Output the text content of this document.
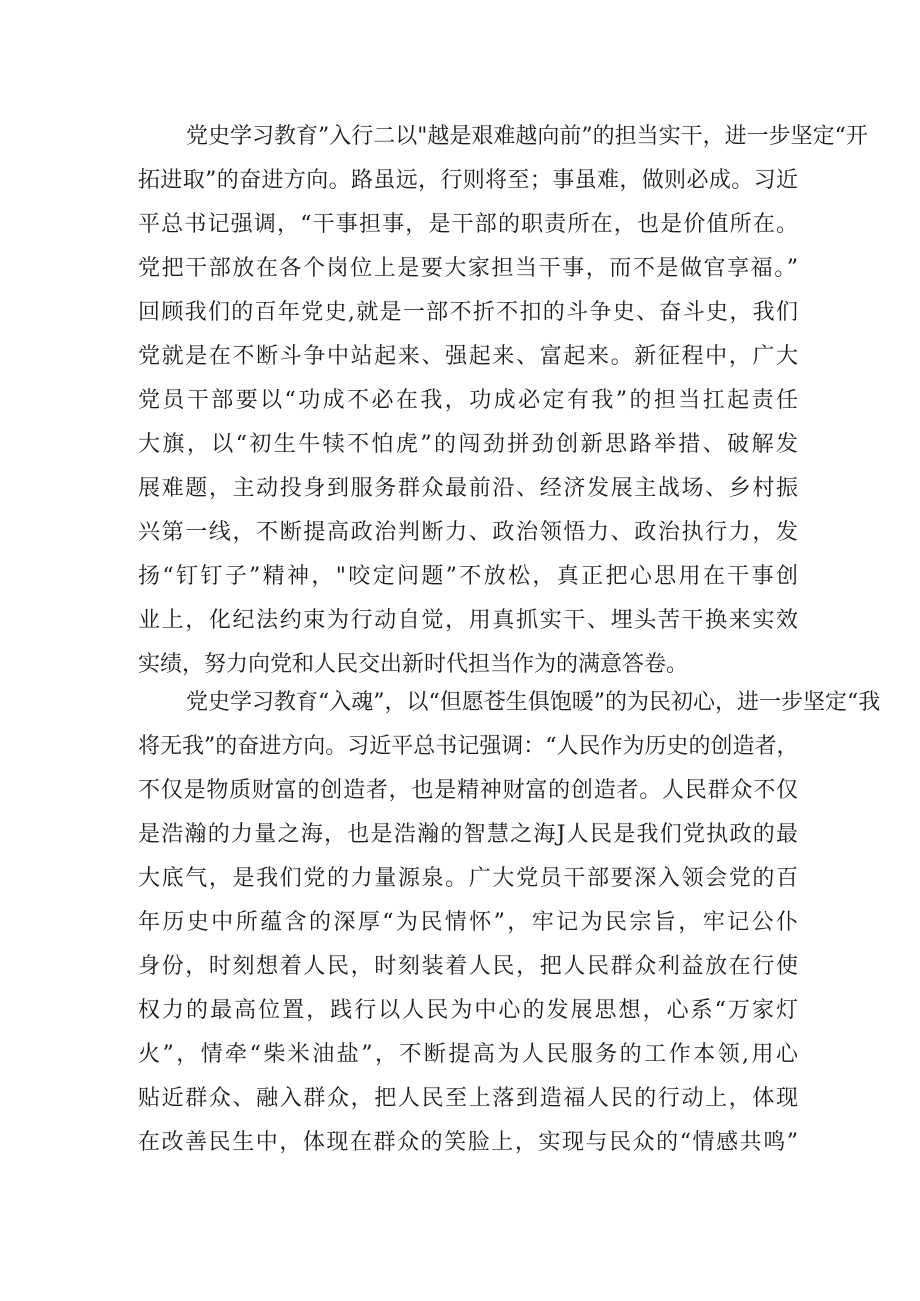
党史学习教育”入行二以"越是艰难越向前”的担当实干，进一步坚定“开
拓进取”的奋进方向。路虽远，行则将至；事虽难，做则必成。习近
平总书记强调，“干事担事，是干部的职责所在，也是价值所在。
党把干部放在各个岗位上是要大家担当干事，而不是做官享福。”
回顾我们的百年党史,就是一部不折不扣的斗争史、奋斗史，我们
党就是在不断斗争中站起来、强起来、富起来。新征程中，广大
党员干部要以“功成不必在我，功成必定有我”的担当扛起责任
大旗，以“初生牛犊不怕虎”的闯劲拼劲创新思路举措、破解发
展难题，主动投身到服务群众最前沿、经济发展主战场、乡村振
兴第一线，不断提高政治判断力、政治领悟力、政治执行力，发
扬“钉钉子”精神，"咬定问题”不放松，真正把心思用在干事创
业上，化纪法约束为行动自觉，用真抓实干、埋头苦干换来实效
实绩，努力向党和人民交出新时代担当作为的满意答卷。
党史学习教育“入魂”，以“但愿苍生俱饱暖”的为民初心，进一步坚定“我
将无我”的奋进方向。习近平总书记强调：“人民作为历史的创造者，
不仅是物质财富的创造者，也是精神财富的创造者。人民群众不仅
是浩瀚的力量之海，也是浩瀚的智慧之海J人民是我们党执政的最
大底气，是我们党的力量源泉。广大党员干部要深入领会党的百
年历史中所蕴含的深厚“为民情怀”，牢记为民宗旨，牢记公仆
身份，时刻想着人民，时刻装着人民，把人民群众利益放在行使
权力的最高位置，践行以人民为中心的发展思想，心系“万家灯
火”，情牵“柴米油盐”，不断提高为人民服务的工作本领,用心
贴近群众、融入群众，把人民至上落到造福人民的行动上，体现
在改善民生中，体现在群众的笑脸上，实现与民众的“情感共鸣”
